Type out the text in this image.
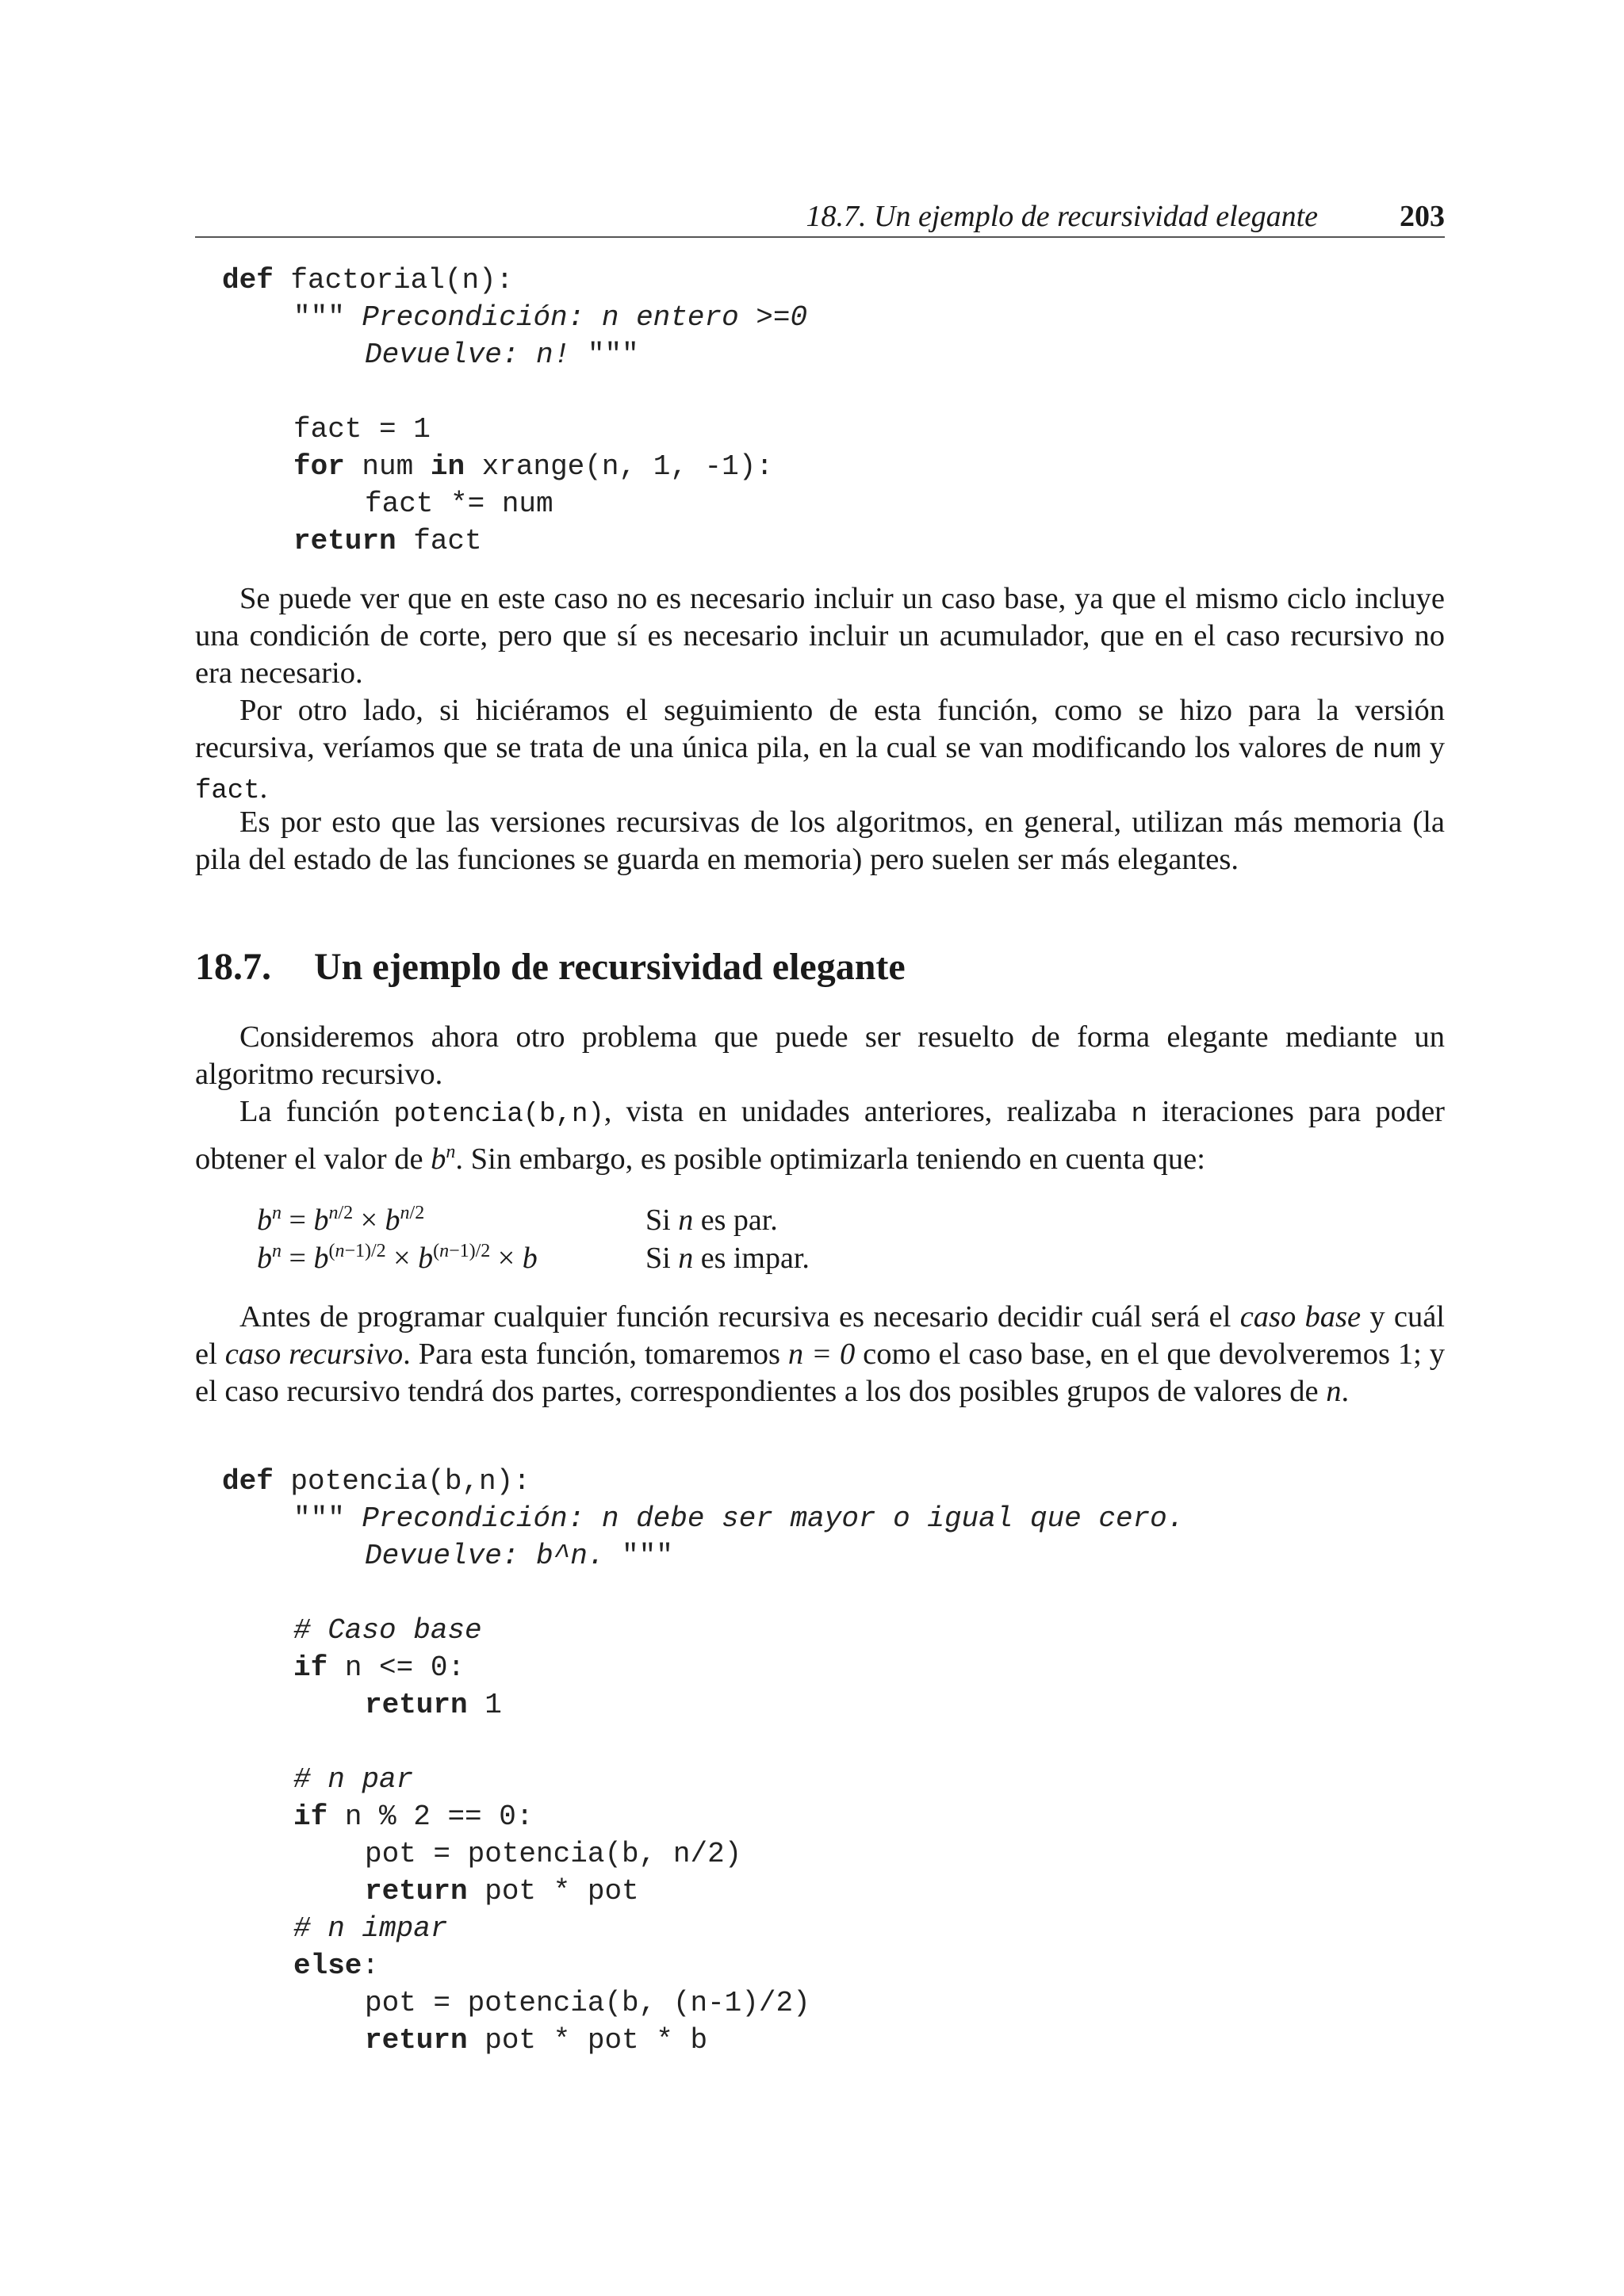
18.7. Un ejemplo de recursividad elegante	203
def factorial(n):
""" Precondición: n entero >=0
Devuelve: n! """
fact = 1
for num in xrange(n, 1, -1):
fact *= num
return fact

Se puede ver que en este caso no es necesario incluir un caso base, ya que el mismo ciclo incluye una condición de corte, pero que sí es necesario incluir un acumulador, que en el caso recursivo no era necesario.

Por otro lado, si hiciéramos el seguimiento de esta función, como se hizo para la versión recursiva, veríamos que se trata de una única pila, en la cual se van modificando los valores de num y fact.

Es por esto que las versiones recursivas de los algoritmos, en general, utilizan más memoria (la pila del estado de las funciones se guarda en memoria) pero suelen ser más elegantes.

18.7. Un ejemplo de recursividad elegante

Consideremos ahora otro problema que puede ser resuelto de forma elegante mediante un algoritmo recursivo.

La función potencia(b,n), vista en unidades anteriores, realizaba n iteraciones para poder obtener el valor de $b^n$. Sin embargo, es posible optimizarla teniendo en cuenta que:

$b^n = b^{n/2} \times b^{n/2}$	Si n es par.
$b^n = b^{(n-1)/2} \times b^{(n-1)/2} \times b$	Si n es impar.

Antes de programar cualquier función recursiva es necesario decidir cuál será el caso base y cuál el caso recursivo. Para esta función, tomaremos n = 0 como el caso base, en el que devolveremos 1; y el caso recursivo tendrá dos partes, correspondientes a los dos posibles grupos de valores de n.

def potencia(b,n):
""" Precondición: n debe ser mayor o igual que cero.
Devuelve: b^n. """
# Caso base
if n <= 0:
return 1
# n par
if n % 2 == 0:
pot = potencia(b, n/2)
return pot * pot
# n impar
else:
pot = potencia(b, (n-1)/2)
return pot * pot * b
